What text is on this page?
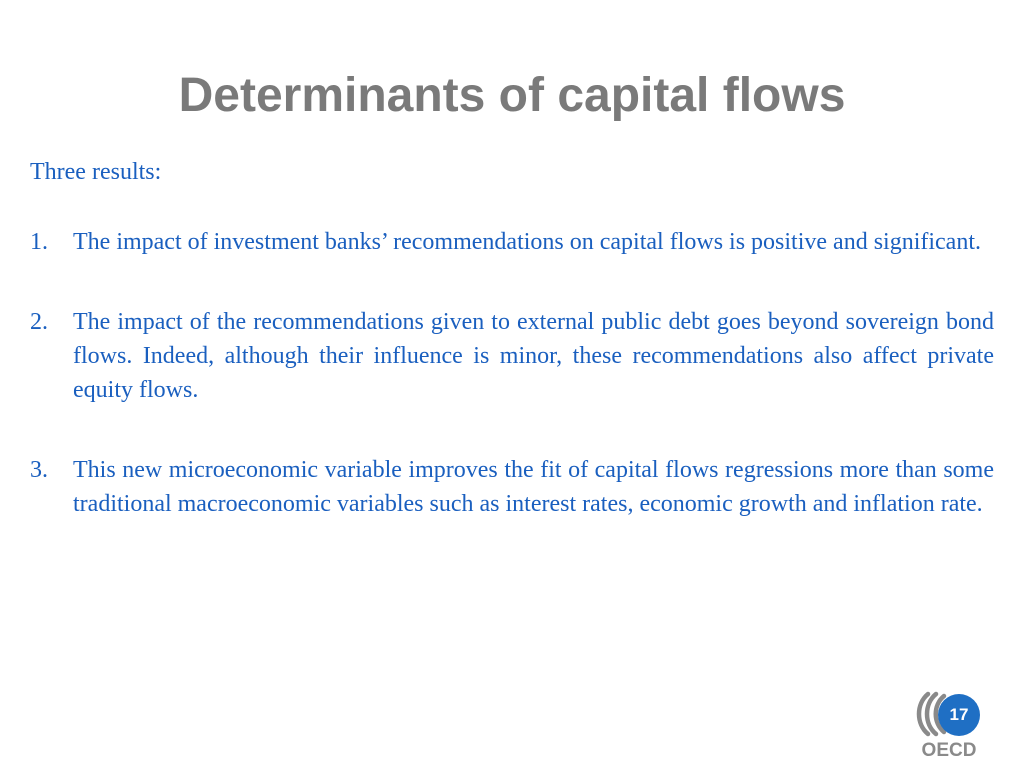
Determinants of capital flows

Three results:

1. The impact of investment banks’ recommendations on capital flows is positive and significant.
2. The impact of the recommendations given to external public debt goes beyond sovereign bond flows. Indeed, although their influence is minor, these recommendations also affect private equity flows.
3. This new microeconomic variable improves the fit of capital flows regressions more than some traditional macroeconomic variables such as interest rates, economic growth and inflation rate.
OECD
17
